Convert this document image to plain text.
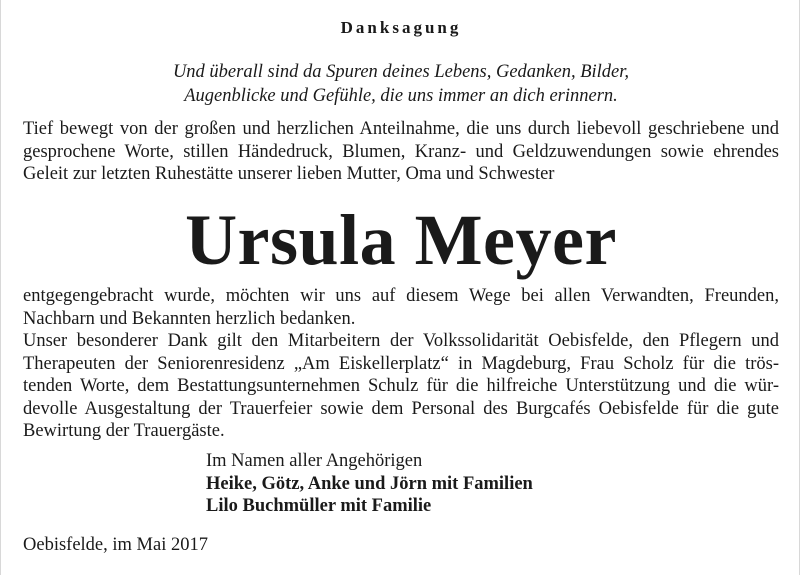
Danksagung
Und überall sind da Spuren deines Lebens, Gedanken, Bilder,
Augenblicke und Gefühle, die uns immer an dich erinnern.
Tief bewegt von der großen und herzlichen Anteilnahme, die uns durch liebevoll geschriebene und
gesprochene Worte, stillen Händedruck, Blumen, Kranz- und Geldzuwendungen sowie ehrendes
Geleit zur letzten Ruhestätte unserer lieben Mutter, Oma und Schwester
Ursula Meyer
entgegengebracht wurde, möchten wir uns auf diesem Wege bei allen Verwandten, Freunden,
Nachbarn und Bekannten herzlich bedanken.
Unser besonderer Dank gilt den Mitarbeitern der Volkssolidarität Oebisfelde, den Pflegern und
Therapeuten der Seniorenresidenz „Am Eiskellerplatz“ in Magdeburg, Frau Scholz für die trös-
tenden Worte, dem Bestattungsunternehmen Schulz für die hilfreiche Unterstützung und die wür-
devolle Ausgestaltung der Trauerfeier sowie dem Personal des Burgcafés Oebisfelde für die gute
Bewirtung der Trauergäste.
Im Namen aller Angehörigen
Heike, Götz, Anke und Jörn mit Familien
Lilo Buchmüller mit Familie
Oebisfelde, im Mai 2017
